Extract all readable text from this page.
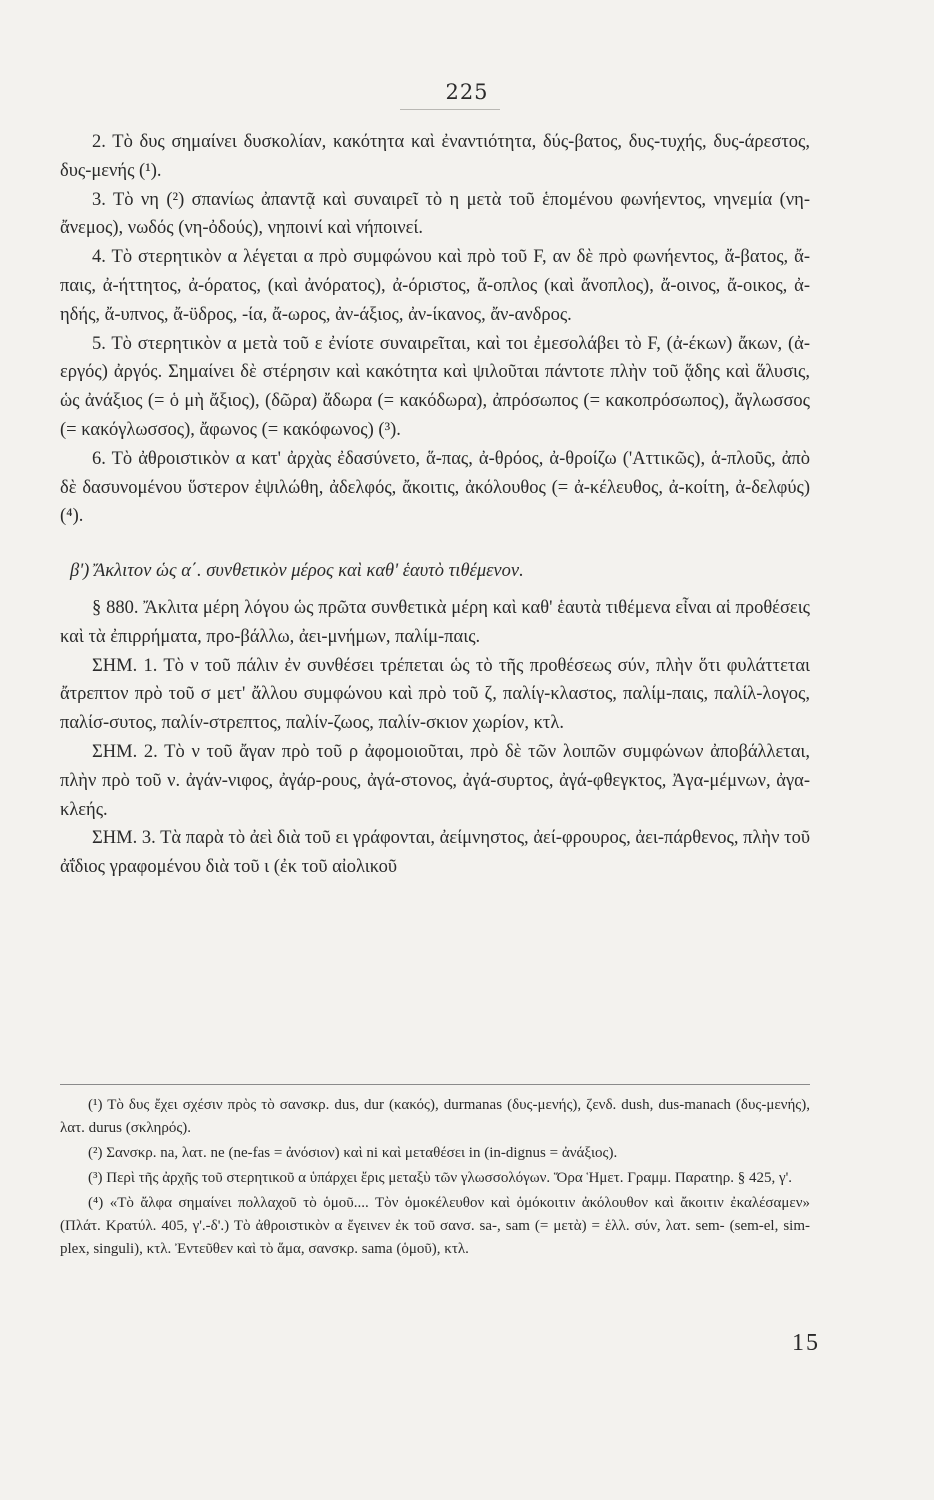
225

2. Τὸ δυς σημαίνει δυσκολίαν, κακότητα καὶ ἐναντιότητα, δύς-βατος, δυς-τυχής, δυς-άρεστος, δυς-μενής (¹).

3. Τὸ νη (²) σπανίως ἀπαντᾷ καὶ συναιρεῖ τὸ η μετὰ τοῦ ἑπομένου φωνήεντος, νηνεμία (νη-ἄνεμος), νωδός (νη-ὀδούς), νηποινί καὶ νήποινεί.

4. Τὸ στερητικὸν α λέγεται α πρὸ συμφώνου καὶ πρὸ τοῦ F, αν δὲ πρὸ φωνήεντος, ἄ-βατος, ἄ-παις, ἀ-ήττητος, ἀ-όρατος, (καὶ ἀνόρατος), ἀ-όριστος, ἄ-οπλος (καὶ ἄνοπλος), ἄ-οινος, ἄ-οικος, ἀ-ηδής, ἄ-υπνος, ἄ-ϋδρος, -ία, ἄ-ωρος, ἀν-άξιος, ἀν-ίκανος, ἄν-ανδρος.

5. Τὸ στερητικὸν α μετὰ τοῦ ε ἐνίοτε συναιρεῖται, καὶ τοι ἐμεσολάβει τὸ F, (ἀ-έκων) ἄκων, (ἀ-εργός) ἀργός. Σημαίνει δὲ στέρησιν καὶ κακότητα καὶ ψιλοῦται πάντοτε πλὴν τοῦ ᾅδης καὶ ἅλυσις, ὡς ἀνάξιος (= ὁ μὴ ἄξιος), (δῶρα) ἄδωρα (= κακόδωρα), ἀπρόσωπος (= κακοπρόσωπος), ἄγλωσσος (= κακόγλωσσος), ἄφωνος (= κακόφωνος) (³).

6. Τὸ ἀθροιστικὸν α κατ' ἀρχὰς ἐδασύνετο, ἅ-πας, ἀ-θρόος, ἀ-θροίζω ('Αττικῶς), ἁ-πλοῦς, ἀπὸ δὲ δασυνομένου ὕστερον ἐψιλώθη, ἀδελφός, ἄκοιτις, ἀκόλουθος (= ἀ-κέλευθος, ἀ-κοίτη, ἀ-δελφύς) (⁴).

β') Ἄκλιτον ὡς α΄. συνθετικὸν μέρος καὶ καθ' ἑαυτὸ τιθέμενον.

§ 880. Ἄκλιτα μέρη λόγου ὡς πρῶτα συνθετικὰ μέρη καὶ καθ' ἑαυτὰ τιθέμενα εἶναι αἱ προθέσεις καὶ τὰ ἐπιρρήματα, προ-βάλλω, ἀει-μνήμων, παλίμ-παις.

ΣΗΜ. 1. Τὸ ν τοῦ πάλιν ἐν συνθέσει τρέπεται ὡς τὸ τῆς προθέσεως σύν, πλὴν ὅτι φυλάττεται ἄτρεπτον πρὸ τοῦ σ μετ' ἄλλου συμφώνου καὶ πρὸ τοῦ ζ, παλίγ-κλαστος, παλίμ-παις, παλίλ-λογος, παλίσ-συτος, παλίν-στρεπτος, παλίν-ζωος, παλίν-σκιον χωρίον, κτλ.

ΣΗΜ. 2. Τὸ ν τοῦ ἄγαν πρὸ τοῦ ρ ἀφομοιοῦται, πρὸ δὲ τῶν λοιπῶν συμφώνων ἀποβάλλεται, πλὴν πρὸ τοῦ ν. ἀγάν-νιφος, ἀγάρ-ρους, ἀγά-στονος, ἀγά-συρτος, ἀγά-φθεγκτος, Ἀγα-μέμνων, ἀγα-κλεής.

ΣΗΜ. 3. Τὰ παρὰ τὸ ἀεὶ διὰ τοῦ ει γράφονται, ἀείμνηστος, ἀεί-φρουρος, ἀει-πάρθενος, πλὴν τοῦ ἀΐδιος γραφομένου διὰ τοῦ ι (ἐκ τοῦ αἰολικοῦ

(¹) Τὸ δυς ἔχει σχέσιν πρὸς τὸ σανσκρ. dus, dur (κακός), durmanas (δυς-μενής), ζενδ. dush, dus-manach (δυς-μενής), λατ. durus (σκληρός).

(²) Σανσκρ. na, λατ. ne (ne-fas = ἀνόσιον) καὶ ni καὶ μεταθέσει in (in-dignus = ἀνάξιος).

(³) Περὶ τῆς ἀρχῆς τοῦ στερητικοῦ α ὑπάρχει ἔρις μεταξὺ τῶν γλωσσολόγων. Ὅρα Ἡμετ. Γραμμ. Παρατηρ. § 425, γ'.

(⁴) «Τὸ ἄλφα σημαίνει πολλαχοῦ τὸ ὁμοῦ.... Τὸν ὁμοκέλευθον καὶ ὁμόκοιτιν ἀκόλουθον καὶ ἄκοιτιν ἐκαλέσαμεν» (Πλάτ. Κρατύλ. 405, γ'.-δ'.) Τὸ ἀθροιστικὸν α ἔγεινεν ἐκ τοῦ σανσ. sa-, sam (= μετὰ) = ἑλλ. σύν, λατ. sem- (sem-el, sim-plex, singuli), κτλ. Ἐντεῦθεν καὶ τὸ ἅμα, σανσκρ. sama (ὁμοῦ), κτλ.

15
